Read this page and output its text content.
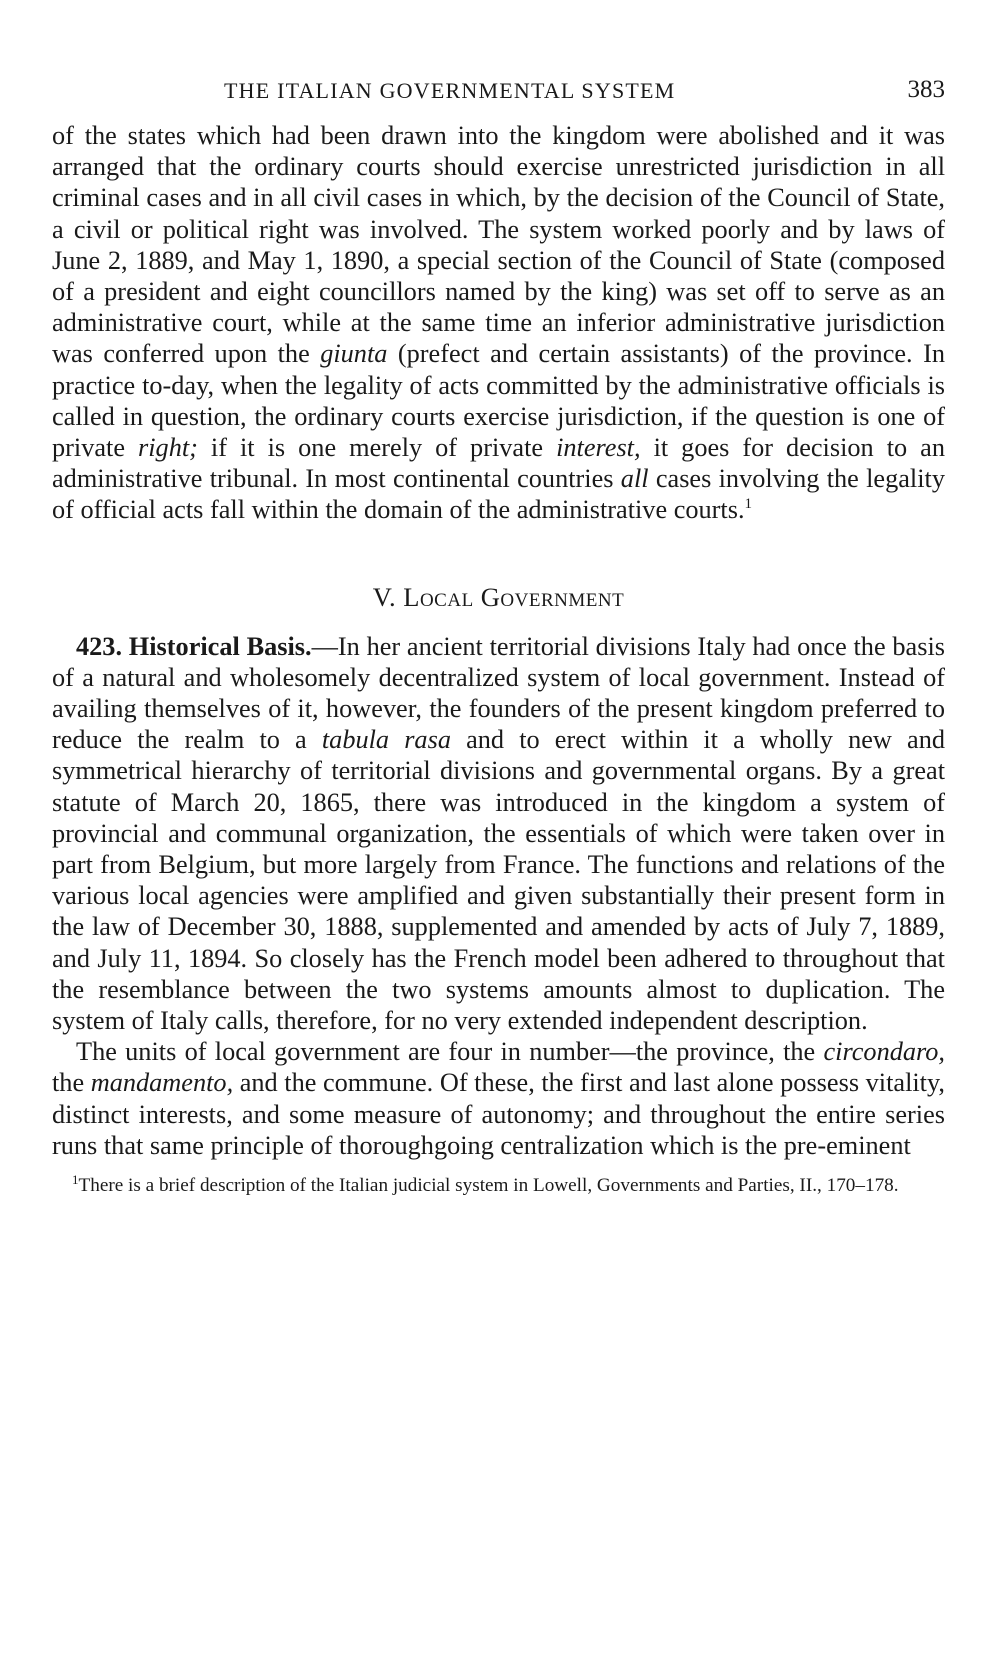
THE ITALIAN GOVERNMENTAL SYSTEM	383

of the states which had been drawn into the kingdom were abolished and it was arranged that the ordinary courts should exercise unrestricted jurisdiction in all criminal cases and in all civil cases in which, by the decision of the Council of State, a civil or political right was involved. The system worked poorly and by laws of June 2, 1889, and May 1, 1890, a special section of the Council of State (composed of a president and eight councillors named by the king) was set off to serve as an administrative court, while at the same time an inferior administrative jurisdiction was conferred upon the giunta (prefect and certain assistants) of the province. In practice to-day, when the legality of acts committed by the administrative officials is called in question, the ordinary courts exercise jurisdiction, if the question is one of private right; if it is one merely of private interest, it goes for decision to an administrative tribunal. In most continental countries all cases involving the legality of official acts fall within the domain of the administrative courts.$^1$

V. Local Government

423. Historical Basis.—In her ancient territorial divisions Italy had once the basis of a natural and wholesomely decentralized system of local government. Instead of availing themselves of it, however, the founders of the present kingdom preferred to reduce the realm to a tabula rasa and to erect within it a wholly new and symmetrical hierarchy of territorial divisions and governmental organs. By a great statute of March 20, 1865, there was introduced in the kingdom a system of provincial and communal organization, the essentials of which were taken over in part from Belgium, but more largely from France. The functions and relations of the various local agencies were amplified and given substantially their present form in the law of December 30, 1888, supplemented and amended by acts of July 7, 1889, and July 11, 1894. So closely has the French model been adhered to throughout that the resemblance between the two systems amounts almost to duplication. The system of Italy calls, therefore, for no very extended independent description.

The units of local government are four in number—the province, the circondaro, the mandamento, and the commune. Of these, the first and last alone possess vitality, distinct interests, and some measure of autonomy; and throughout the entire series runs that same principle of thoroughgoing centralization which is the pre-eminent

$^1$There is a brief description of the Italian judicial system in Lowell, Governments and Parties, II., 170–178.
